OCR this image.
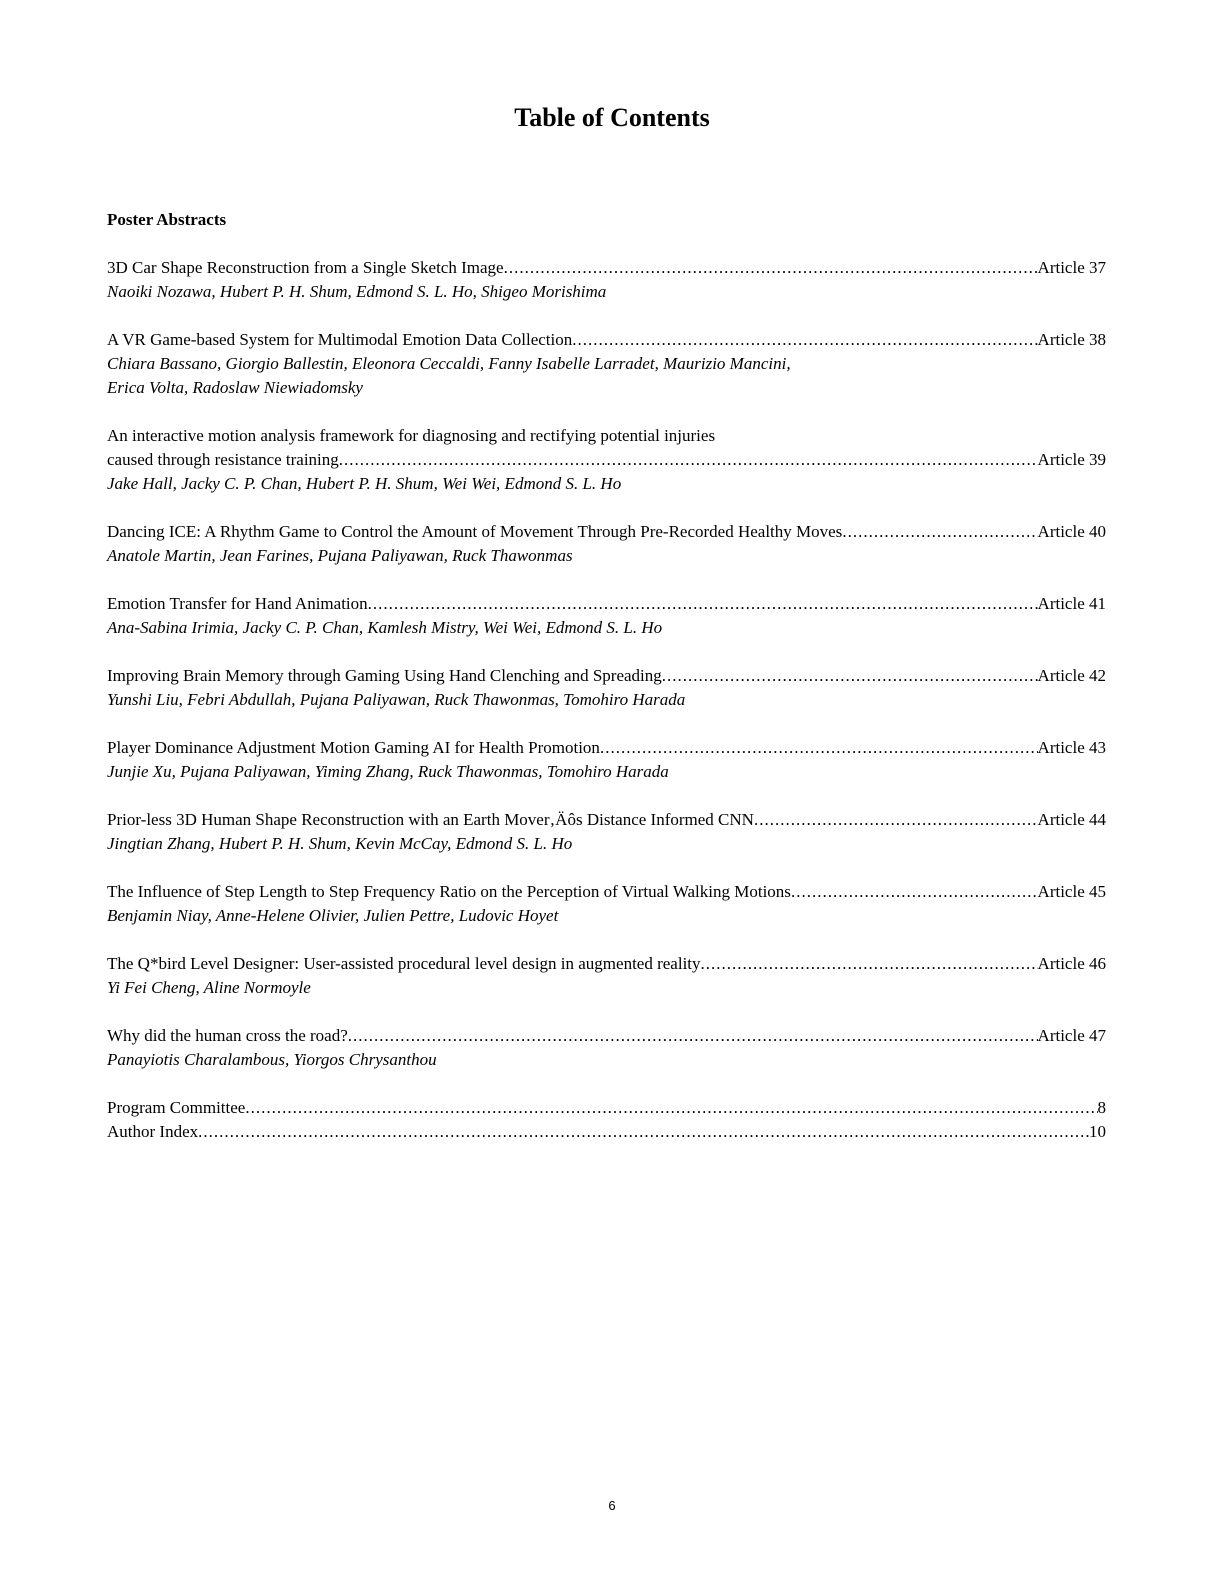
Table of Contents
Poster Abstracts
3D Car Shape Reconstruction from a Single Sketch Image .....	Article 37
Naoiki Nozawa, Hubert P. H. Shum, Edmond S. L. Ho, Shigeo Morishima
A VR Game-based System for Multimodal Emotion Data Collection .....	Article 38
Chiara Bassano, Giorgio Ballestin, Eleonora Ceccaldi, Fanny Isabelle Larradet, Maurizio Mancini,
Erica Volta, Radoslaw Niewiadomsky
An interactive motion analysis framework for diagnosing and rectifying potential injuries
caused through resistance training .....	Article 39
Jake Hall, Jacky C. P. Chan, Hubert P. H. Shum, Wei Wei, Edmond S. L. Ho
Dancing ICE: A Rhythm Game to Control the Amount of Movement Through Pre-Recorded Healthy Moves .....	Article 40
Anatole Martin, Jean Farines, Pujana Paliyawan, Ruck Thawonmas
Emotion Transfer for Hand Animation .....	Article 41
Ana-Sabina Irimia, Jacky C. P. Chan, Kamlesh Mistry, Wei Wei, Edmond S. L. Ho
Improving Brain Memory through Gaming Using Hand Clenching and Spreading .....	Article 42
Yunshi Liu, Febri Abdullah, Pujana Paliyawan, Ruck Thawonmas, Tomohiro Harada
Player Dominance Adjustment Motion Gaming AI for Health Promotion .....	Article 43
Junjie Xu, Pujana Paliyawan, Yiming Zhang, Ruck Thawonmas, Tomohiro Harada
Prior-less 3D Human Shape Reconstruction with an Earth Mover‚Äôs Distance Informed CNN .....	Article 44
Jingtian Zhang, Hubert P. H. Shum, Kevin McCay, Edmond S. L. Ho
The Influence of Step Length to Step Frequency Ratio on the Perception of Virtual Walking Motions .....	Article 45
Benjamin Niay, Anne-Helene Olivier, Julien Pettre, Ludovic Hoyet
The Q*bird Level Designer: User-assisted procedural level design in augmented reality .....	Article 46
Yi Fei Cheng, Aline Normoyle
Why did the human cross the road? .....	Article 47
Panayiotis Charalambous, Yiorgos Chrysanthou
Program Committee .....	8
Author Index .....	10
6
